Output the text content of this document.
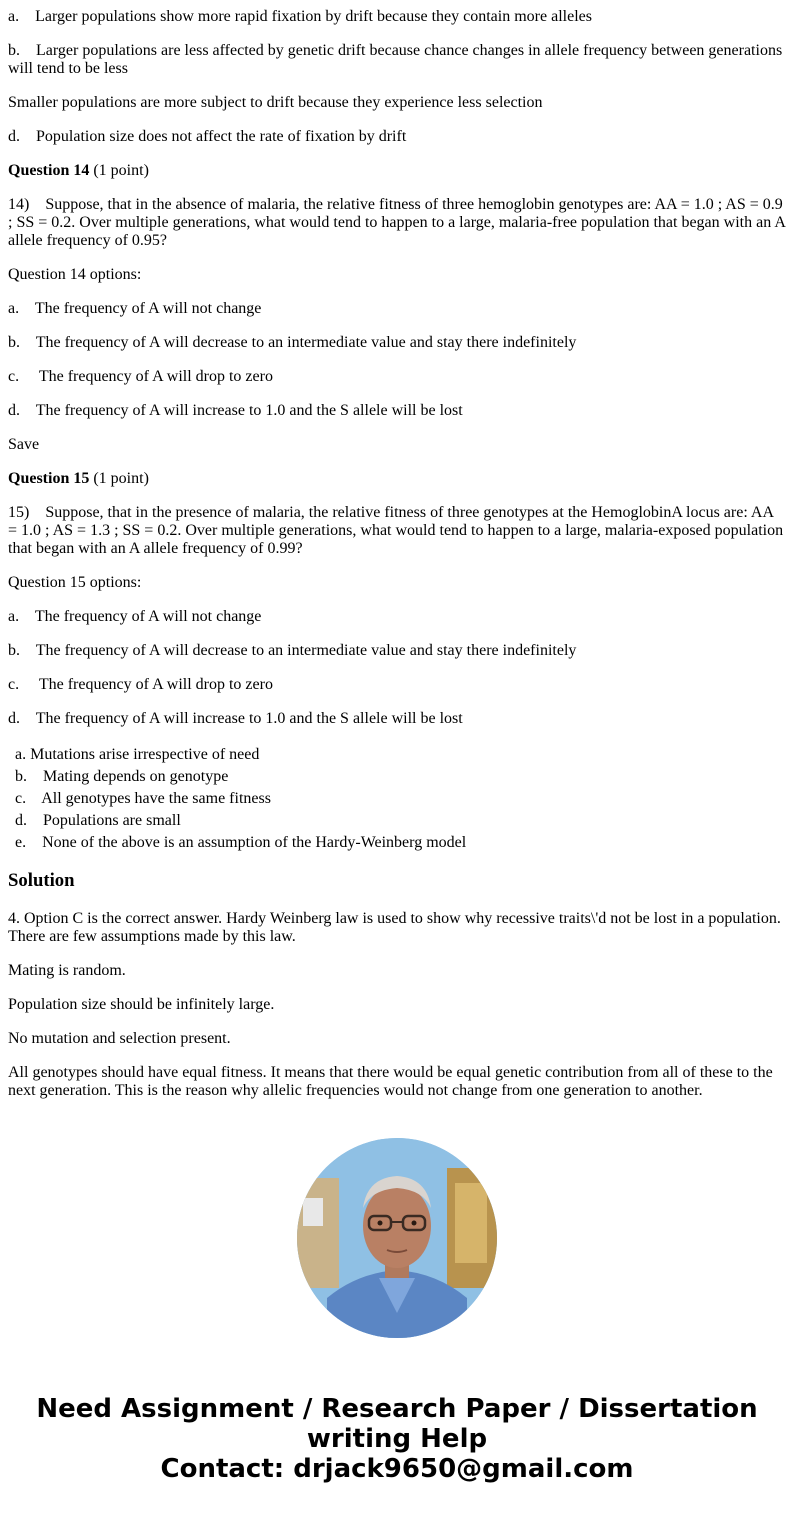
a.    Larger populations show more rapid fixation by drift because they contain more alleles

b.    Larger populations are less affected by genetic drift because chance changes in allele frequency between generations will tend to be less

Smaller populations are more subject to drift because they experience less selection

d.    Population size does not affect the rate of fixation by drift

Question 14 (1 point)

14)    Suppose, that in the absence of malaria, the relative fitness of three hemoglobin genotypes are: AA = 1.0 ; AS = 0.9 ; SS = 0.2. Over multiple generations, what would tend to happen to a large, malaria-free population that began with an A allele frequency of 0.95?

Question 14 options:

a.    The frequency of A will not change

b.    The frequency of A will decrease to an intermediate value and stay there indefinitely

c.     The frequency of A will drop to zero

d.    The frequency of A will increase to 1.0 and the S allele will be lost

Save

Question 15 (1 point)

15)    Suppose, that in the presence of malaria, the relative fitness of three genotypes at the HemoglobinA locus are: AA = 1.0 ; AS = 1.3 ; SS = 0.2. Over multiple generations, what would tend to happen to a large, malaria-exposed population that began with an A allele frequency of 0.99?

Question 15 options:

a.    The frequency of A will not change

b.    The frequency of A will decrease to an intermediate value and stay there indefinitely

c.     The frequency of A will drop to zero

d.    The frequency of A will increase to 1.0 and the S allele will be lost

a. Mutations arise irrespective of need
b.    Mating depends on genotype
c.    All genotypes have the same fitness
d.    Populations are small
e.    None of the above is an assumption of the Hardy-Weinberg model
Solution

4. Option C is the correct answer. Hardy Weinberg law is used to show why recessive traits\'d not be lost in a population. There are few assumptions made by this law.

Mating is random.

Population size should be infinitely large.

No mutation and selection present.

All genotypes should have equal fitness. It means that there would be equal genetic contribution from all of these to the next generation. This is the reason why allelic frequencies would not change from one generation to another.

Need Assignment / Research Paper / Dissertation
writing Help
Contact: drjack9650@gmail.com
